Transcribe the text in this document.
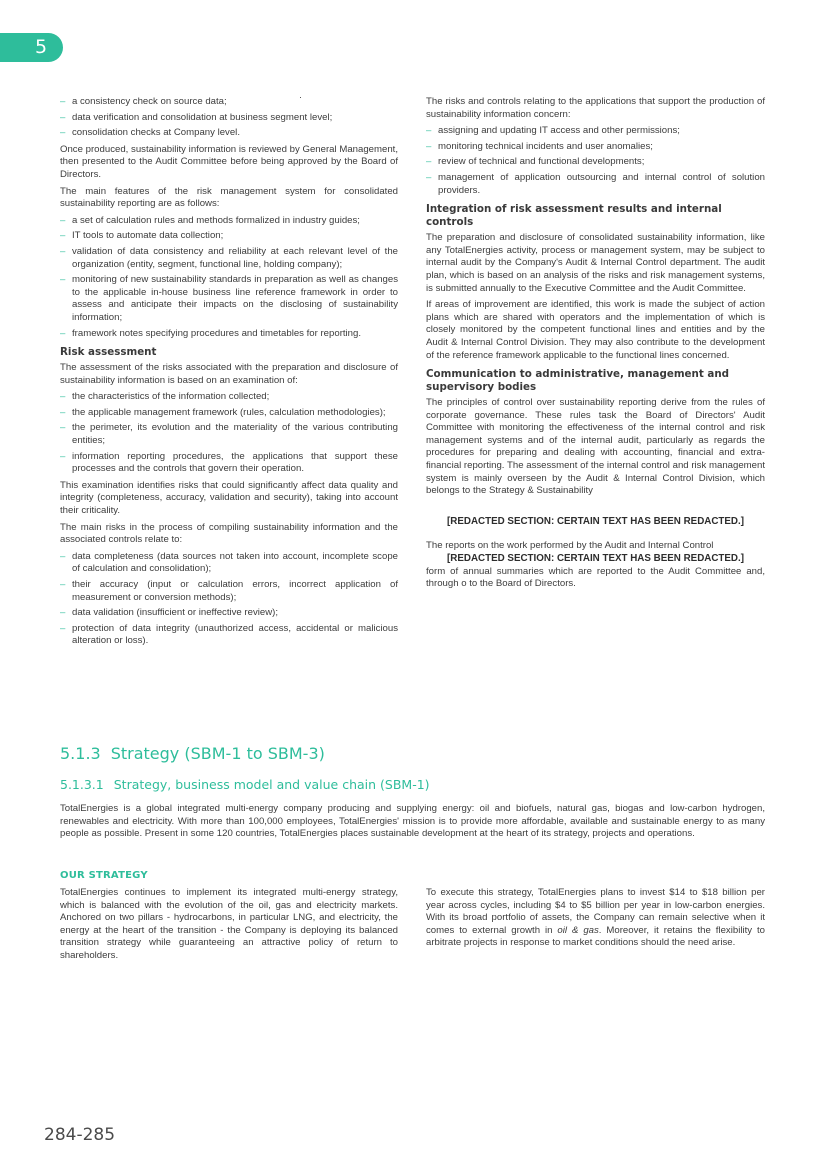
5
– a consistency check on source data;
– data verification and consolidation at business segment level;
– consolidation checks at Company level.

Once produced, sustainability information is reviewed by General Management, then presented to the Audit Committee before being approved by the Board of Directors.

The main features of the risk management system for consolidated sustainability reporting are as follows:

– a set of calculation rules and methods formalized in industry guides;
– IT tools to automate data collection;
– validation of data consistency and reliability at each relevant level of the organization (entity, segment, functional line, holding company);
– monitoring of new sustainability standards in preparation as well as changes to the applicable in-house business line reference framework in order to assess and anticipate their impacts on the disclosing of sustainability information;
– framework notes specifying procedures and timetables for reporting.
Risk assessment

The assessment of the risks associated with the preparation and disclosure of sustainability information is based on an examination of:

– the characteristics of the information collected;
– the applicable management framework (rules, calculation methodologies);
– the perimeter, its evolution and the materiality of the various contributing entities;
– information reporting procedures, the applications that support these processes and the controls that govern their operation.

This examination identifies risks that could significantly affect data quality and integrity (completeness, accuracy, validation and security), taking into account their criticality.

The main risks in the process of compiling sustainability information and the associated controls relate to:

– data completeness (data sources not taken into account, incomplete scope of calculation and consolidation);
– their accuracy (input or calculation errors, incorrect application of measurement or conversion methods);
– data validation (insufficient or ineffective review);
– protection of data integrity (unauthorized access, accidental or malicious alteration or loss).

The risks and controls relating to the applications that support the production of sustainability information concern:

– assigning and updating IT access and other permissions;
– monitoring technical incidents and user anomalies;
– review of technical and functional developments;
– management of application outsourcing and internal control of solution providers.
Integration of risk assessment results and internal controls

The preparation and disclosure of consolidated sustainability information, like any TotalEnergies activity, process or management system, may be subject to internal audit by the Company's Audit & Internal Control department. The audit plan, which is based on an analysis of the risks and risk management systems, is submitted annually to the Executive Committee and the Audit Committee.

If areas of improvement are identified, this work is made the subject of action plans which are shared with operators and the implementation of which is closely monitored by the competent functional lines and entities and by the Audit & Internal Control Division. They may also contribute to the development of the reference framework applicable to the functional lines concerned.

Communication to administrative, management and supervisory bodies

The principles of control over sustainability reporting derive from the rules of corporate governance. These rules task the Board of Directors' Audit Committee with monitoring the effectiveness of the internal control and risk management systems and of the internal audit, particularly as regards the procedures for preparing and dealing with accounting, financial and extra-financial reporting. The assessment of the internal control and risk management system is mainly overseen by the Audit & Internal Control Division, which belongs to the Strategy & Sustainability

[REDACTED SECTION: CERTAIN TEXT HAS BEEN REDACTED.]

The reports on the work performed by the Audit and Internal Control

[REDACTED SECTION: CERTAIN TEXT HAS BEEN REDACTED.]

form of annual summaries which are reported to the Audit Committee and, through o to the Board of Directors.

5.1.3 Strategy (SBM-1 to SBM-3)
5.1.3.1 Strategy, business model and value chain (SBM-1)

TotalEnergies is a global integrated multi-energy company producing and supplying energy: oil and biofuels, natural gas, biogas and low-carbon hydrogen, renewables and electricity. With more than 100,000 employees, TotalEnergies' mission is to provide more affordable, available and sustainable energy to as many people as possible. Present in some 120 countries, TotalEnergies places sustainable development at the heart of its strategy, projects and operations.

OUR STRATEGY

TotalEnergies continues to implement its integrated multi-energy strategy, which is balanced with the evolution of the oil, gas and electricity markets. Anchored on two pillars - hydrocarbons, in particular LNG, and electricity, the energy at the heart of the transition - the Company is deploying its balanced transition strategy while guaranteeing an attractive policy of return to shareholders.

To execute this strategy, TotalEnergies plans to invest $14 to $18 billion per year across cycles, including $4 to $5 billion per year in low-carbon energies. With its broad portfolio of assets, the Company can remain selective when it comes to external growth in oil & gas. Moreover, it retains the flexibility to arbitrate projects in response to market conditions should the need arise.

284-285
